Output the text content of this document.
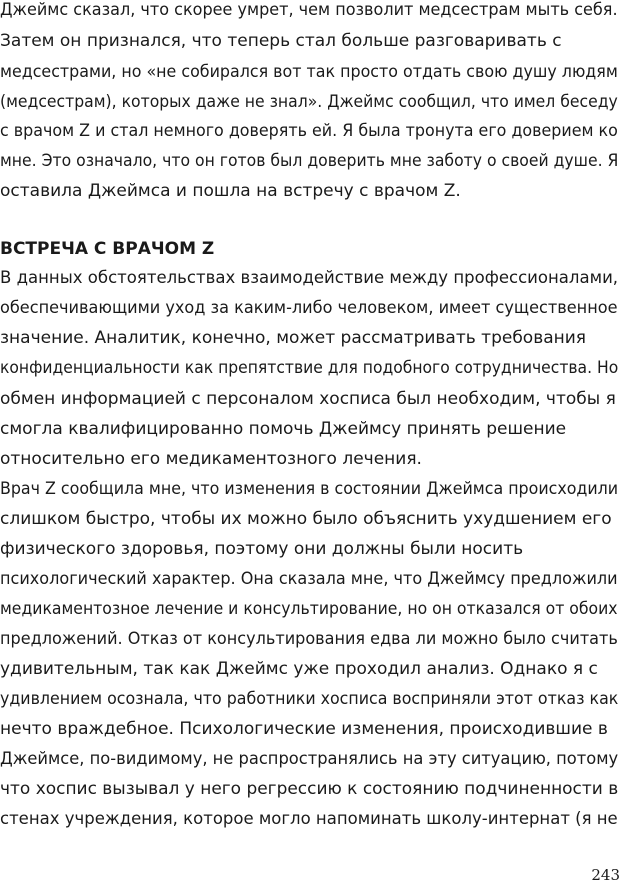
Джеймс сказал, что скорее умрет, чем позволит медсестрам мыть себя.
Затем он признался, что теперь стал больше разговаривать с
медсестрами, но «не собирался вот так просто отдать свою душу людям
(медсестрам), которых даже не знал». Джеймс сообщил, что имел беседу
с врачом Z и стал немного доверять ей. Я была тронута его доверием ко
мне. Это означало, что он готов был доверить мне заботу о своей душе. Я
оставила Джеймса и пошла на встречу с врачом Z.
ВСТРЕЧА С ВРАЧОМ Z
В данных обстоятельствах взаимодействие между профессионалами,
обеспечивающими уход за каким-либо человеком, имеет существенное
значение. Аналитик, конечно, может рассматривать требования
конфиденциальности как препятствие для подобного сотрудничества. Но
обмен информацией с персоналом хосписа был необходим, чтобы я
смогла квалифицированно помочь Джеймсу принять решение
относительно его медикаментозного лечения.
Врач Z сообщила мне, что изменения в состоянии Джеймса происходили
слишком быстро, чтобы их можно было объяснить ухудшением его
физического здоровья, поэтому они должны были носить
психологический характер. Она сказала мне, что Джеймсу предложили
медикаментозное лечение и консультирование, но он отказался от обоих
предложений. Отказ от консультирования едва ли можно было считать
удивительным, так как Джеймс уже проходил анализ. Однако я с
удивлением осознала, что работники хосписа восприняли этот отказ как
нечто враждебное. Психологические изменения, происходившие в
Джеймсе, по-видимому, не распространялись на эту ситуацию, потому
что хоспис вызывал у него регрессию к состоянию подчиненности в
стенах учреждения, которое могло напоминать школу-интернат (я не
243
